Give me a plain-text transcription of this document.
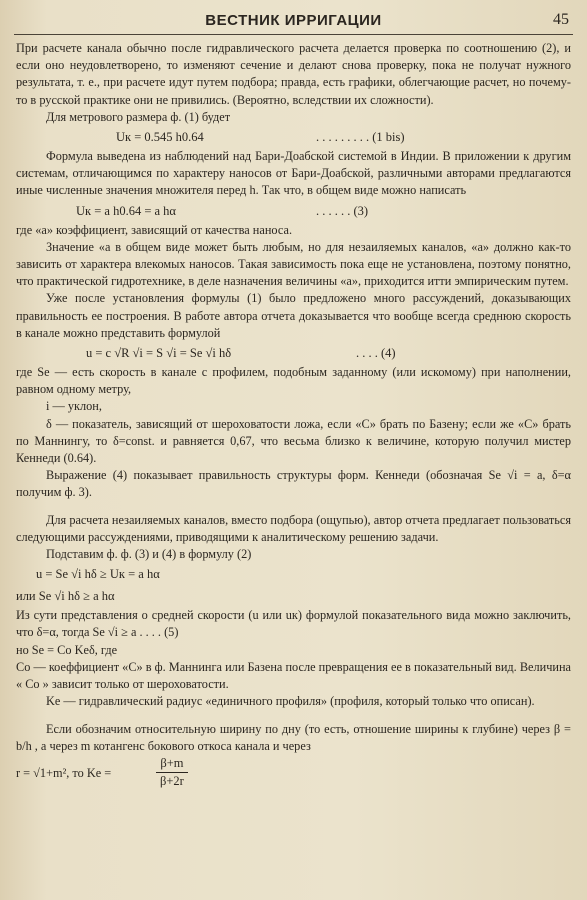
ВЕСТНИК ИРРИГАЦИИ	45

При расчете канала обычно после гидравлического расчета делается проверка по соотношению (2), и если оно неудовлетворено, то изменяют сечение и делают снова проверку, пока не получат нужного результата, т. е., при расчете идут путем подбора; правда, есть графики, облегчающие расчет, но почему-то в русской практике они не привились. (Вероятно, вследствии их сложности).

Для метрового размера ф. (1) будет

Uк = 0.545 h0.64	. . . . . . . . . (1 bis)

Формула выведена из наблюдений над Бари-Доабской системой в Индии. В приложении к другим системам, отличающимся по характеру наносов от Бари-Доабской, различными авторами предлагаются иные численные значения множителя перед h. Так что, в общем виде можно написать

Uк = a h0.64 = a hα	. . . . . . (3)

где «а» коэффициент, зависящий от качества наноса.

Значение «а в общем виде может быть любым, но для незаиляемых каналов, «а» должно как-то зависить от характера влекомых наносов. Такая зависимость пока еще не установлена, поэтому понятно, что практической гидротехнике, в деле назначения величины «а», приходится итти эмпирическим путем.

Уже после установления формулы (1) было предложено много рассуждений, доказывающих правильность ее построения. В работе автора отчета доказывается что вообще всегда среднюю скорость в канале можно представить формулой

u = c √R √i = S √i = Sе √i hδ	. . . . (4)

где Sе — есть скорость в канале с профилем, подобным заданному (или искомому) при наполнении, равном одному метру,

i — уклон,

δ — показатель, зависящий от шероховатости ложа, если «С» брать по Базену; если же «С» брать по Маннингу, то δ=const. и равняется 0,67, что весьма близко к величине, которую получил мистер Кеннеди (0.64).

Выражение (4) показывает правильность структуры форм. Кеннеди (обозначая Sе √i = a, δ=α получим ф. 3).

Для расчета незаиляемых каналов, вместо подбора (ощупью), автор отчета предлагает пользоваться следующими рассуждениями, приводящими к аналитическому решению задачи.

Подставим ф. ф. (3) и (4) в формулу (2)

u = Sе √i hδ ≥ Uк = a hα
или Sе √i hδ ≥ a hα

Из сути представления о средней скорости (u или uк) формулой показательного вида можно заключить, что δ=α, тогда Sе √i ≥ a . . . . (5)

но Sе = Cо Kеδ, где

Cо — коеффициент «С» в ф. Маннинга или Базена после превращения ее в показательный вид. Величина « Cо » зависит только от шероховатости.

Kе — гидравлический радиус «единичного профиля» (профиля, который только что описан).

Если обозначим относительную ширину по дну (то есть, отношение ширины к глубине) через β = b/h , а через m котангенс бокового откоса канала и через

r = √1+m², то Kе =	$\frac{\beta+m}{\beta+2r}$
